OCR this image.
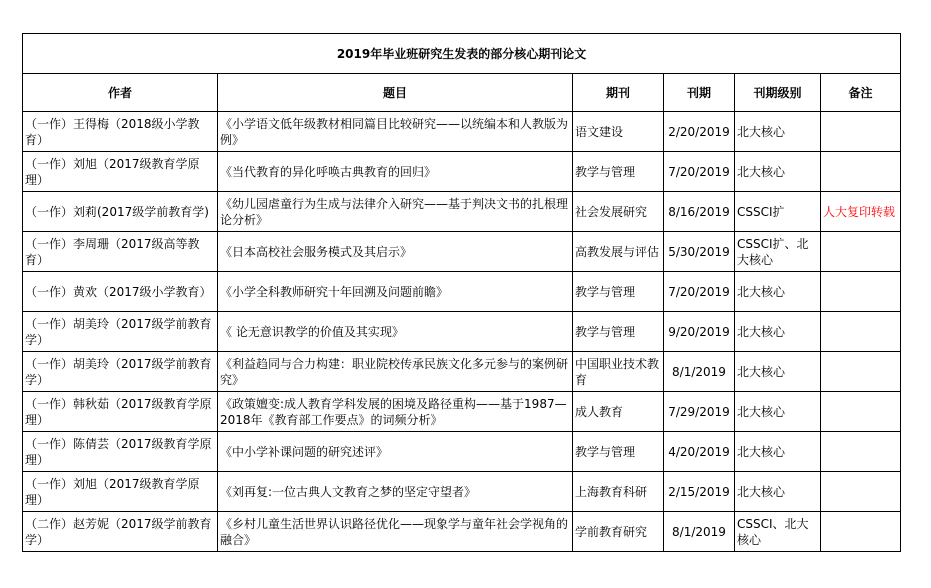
2019年毕业班研究生发表的部分核心期刊论文					
作者	题目	期刊	刊期	刊期级别	备注
（一作）王得梅（2018级小学教育）	《小学语文低年级教材相同篇目比较研究——以统编本和人教版为例》	语文建设	2/20/2019	北大核心	
（一作）刘旭（2017级教育学原理）	《当代教育的异化呼唤古典教育的回归》	教学与管理	7/20/2019	北大核心	
（一作）刘莉(2017级学前教育学)	《幼儿园虐童行为生成与法律介入研究——基于判决文书的扎根理论分析》	社会发展研究	8/16/2019	CSSCI扩	人大复印转载
（一作）李周珊（2017级高等教育）	《日本高校社会服务模式及其启示》	高教发展与评估	5/30/2019	CSSCI扩、北大核心	
（一作）黄欢（2017级小学教育）	《小学全科教师研究十年回溯及问题前瞻》	教学与管理	7/20/2019	北大核心	
（一作）胡美玲（2017级学前教育学）	《 论无意识教学的价值及其实现》	教学与管理	9/20/2019	北大核心	
（一作）胡美玲（2017级学前教育学）	《利益趋同与合力构建：职业院校传承民族文化多元参与的案例研究》	中国职业技术教育	8/1/2019	北大核心	
（一作）韩秋茹（2017级教育学原理）	《政策嬗变:成人教育学科发展的困境及路径重构——基于1987—2018年《教育部工作要点》的词频分析》	成人教育	7/29/2019	北大核心	
（一作）陈倩芸（2017级教育学原理）	《中小学补课问题的研究述评》	教学与管理	4/20/2019	北大核心	
（一作）刘旭（2017级教育学原理）	《刘再复:一位古典人文教育之梦的坚定守望者》	上海教育科研	2/15/2019	北大核心	
（二作）赵芳妮（2017级学前教育学）	《乡村儿童生活世界认识路径优化——现象学与童年社会学视角的融合》	学前教育研究	8/1/2019	CSSCI、北大核心	
